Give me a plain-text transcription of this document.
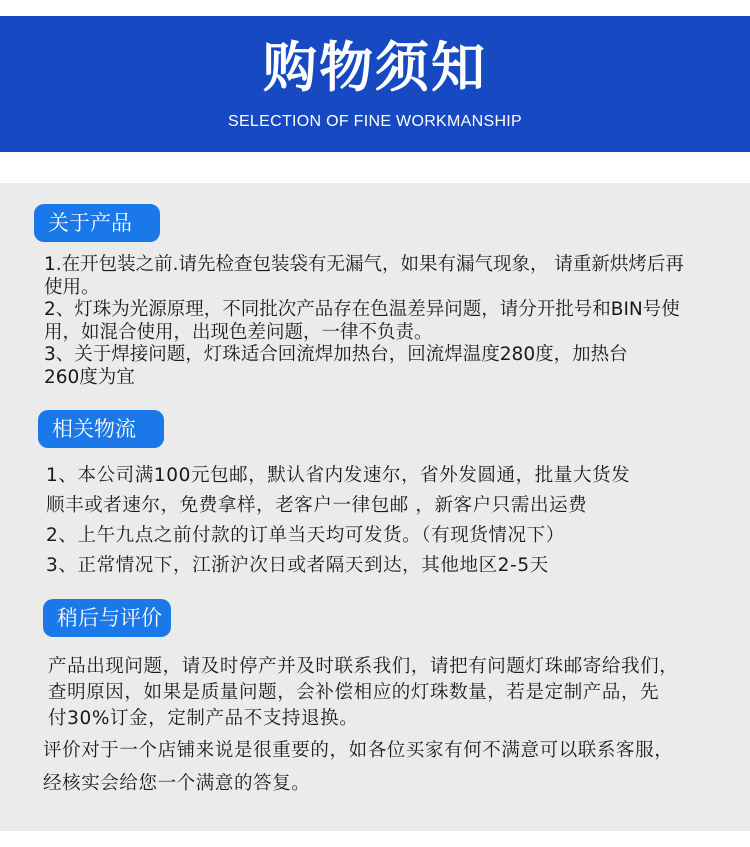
购物须知
SELECTION OF FINE WORKMANSHIP
关于产品

1.在开包装之前.请先检查包装袋有无漏气，如果有漏气现象， 请重新烘烤后再

使用。

2、灯珠为光源原理，不同批次产品存在色温差异问题，请分开批号和BIN号使

用，如混合使用，出现色差问题，一律不负责。

3、关于焊接问题，灯珠适合回流焊加热台，回流焊温度280度，加热台

260度为宜

相关物流

1、本公司满100元包邮，默认省内发速尔，省外发圆通，批量大货发

顺丰或者速尔，免费拿样，老客户一律包邮 ，新客户只需出运费

2、上午九点之前付款的订单当天均可发货。（有现货情况下）

3、正常情况下，江浙沪次日或者隔天到达，其他地区2-5天

稍后与评价

产品出现问题，请及时停产并及时联系我们，请把有问题灯珠邮寄给我们，

查明原因，如果是质量问题，会补偿相应的灯珠数量，若是定制产品，先

付30%订金，定制产品不支持退换。

评价对于一个店铺来说是很重要的，如各位买家有何不满意可以联系客服，

经核实会给您一个满意的答复。
